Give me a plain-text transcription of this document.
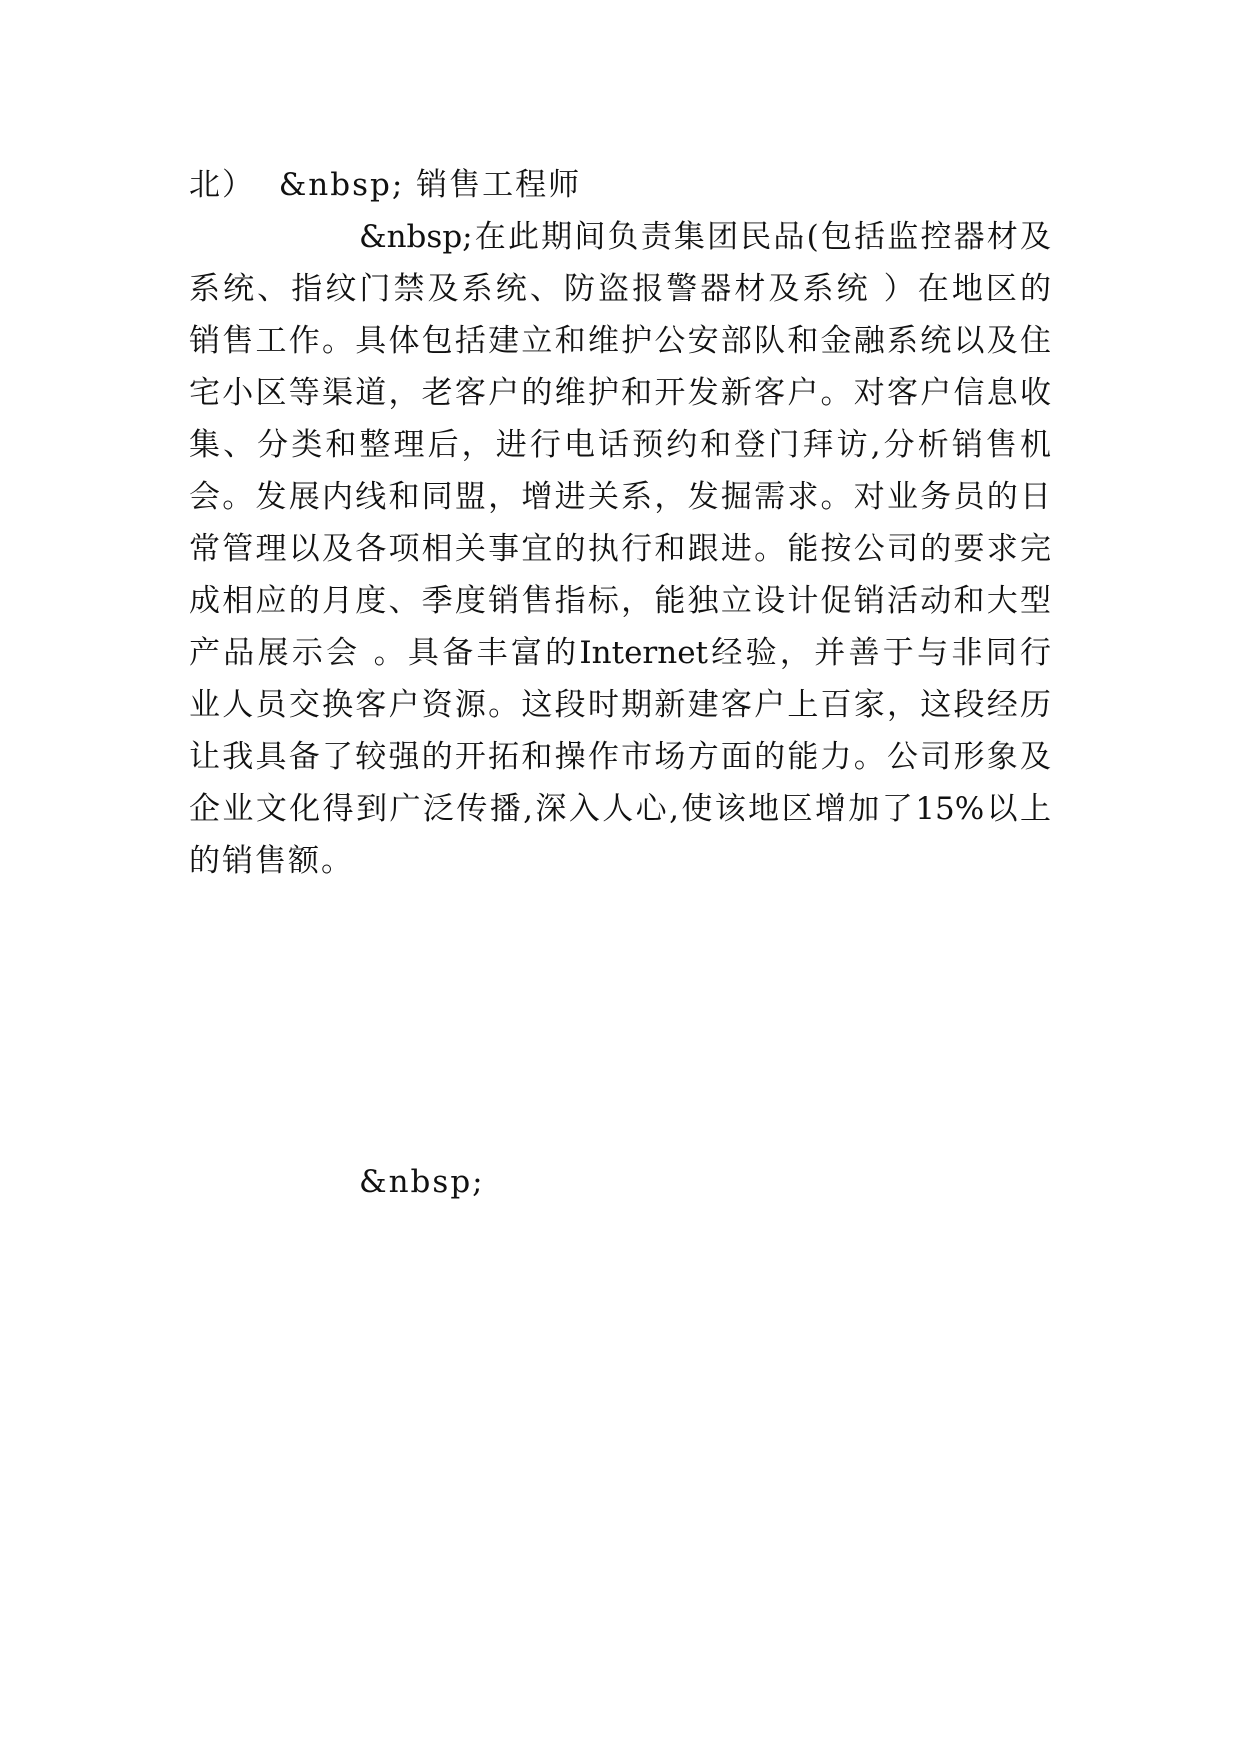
北）  &nbsp; 销售工程师
&nbsp;在此期间负责集团民品(包括监控器材及
系统、指纹门禁及系统、防盗报警器材及系统 ）在地区的
销售工作。具体包括建立和维护公安部队和金融系统以及住
宅小区等渠道，老客户的维护和开发新客户。对客户信息收
集、分类和整理后，进行电话预约和登门拜访,分析销售机
会。发展内线和同盟，增进关系，发掘需求。对业务员的日
常管理以及各项相关事宜的执行和跟进。能按公司的要求完
成相应的月度、季度销售指标，能独立设计促销活动和大型
产品展示会 。具备丰富的Internet经验，并善于与非同行
业人员交换客户资源。这段时期新建客户上百家，这段经历
让我具备了较强的开拓和操作市场方面的能力。公司形象及
企业文化得到广泛传播,深入人心,使该地区增加了15%以上
的销售额。
&nbsp;
